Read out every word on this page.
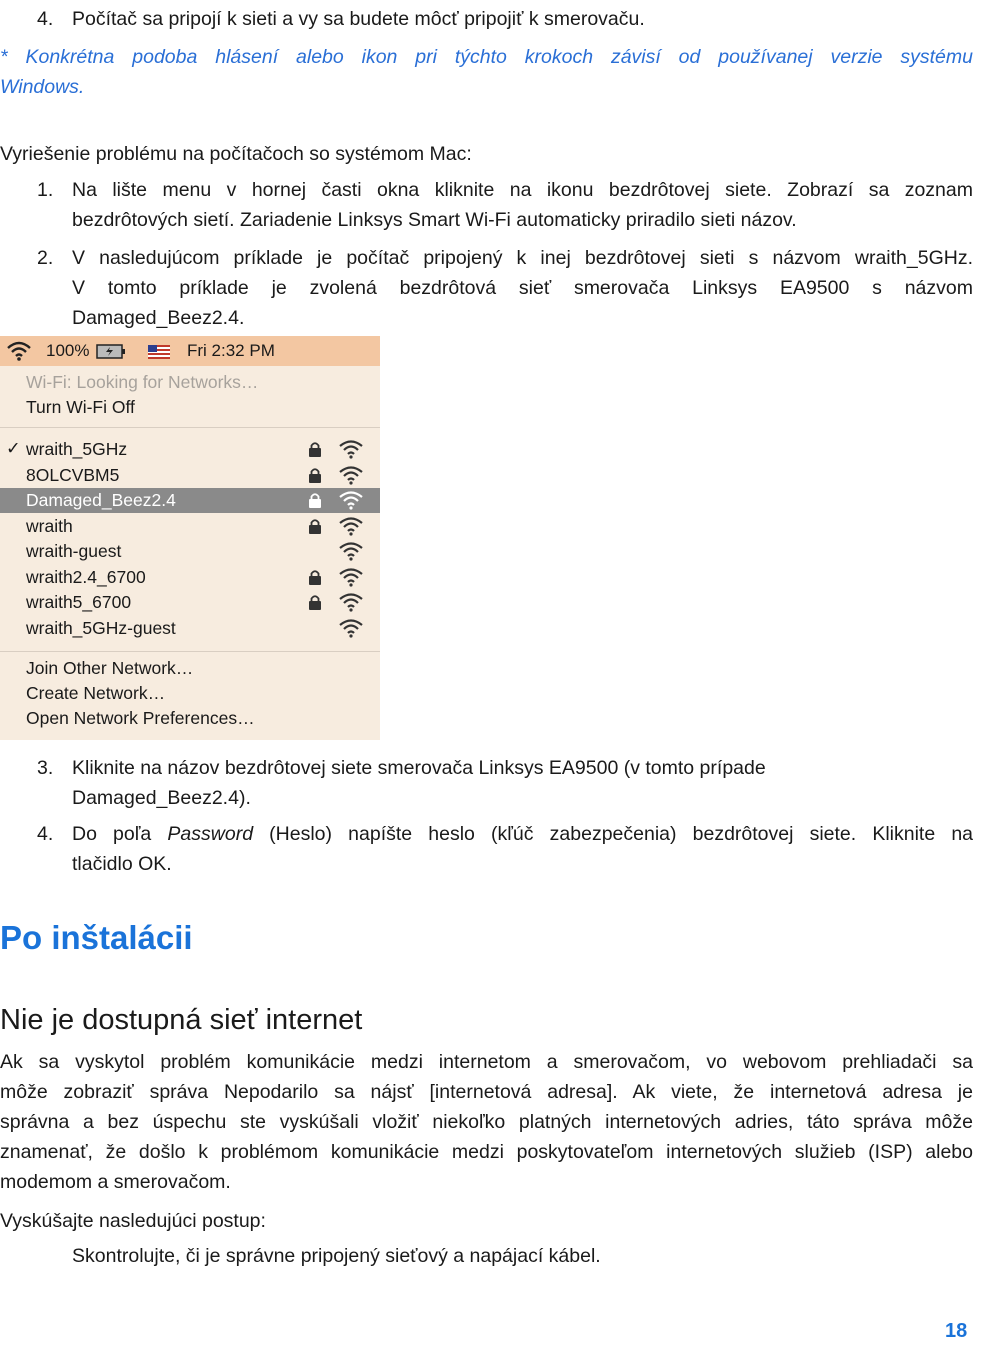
4. Počítač sa pripojí k sieti a vy sa budete môcť pripojiť k smerovaču.
* Konkrétna podoba hlásení alebo ikon pri týchto krokoch závisí od používanej verzie systému
Windows.
Vyriešenie problému na počítačoch so systémom Mac:
1. Na lište menu v hornej časti okna kliknite na ikonu bezdrôtovej siete. Zobrazí sa zoznam
bezdrôtových sietí. Zariadenie Linksys Smart Wi-Fi automaticky priradilo sieti názov.
2. V nasledujúcom príklade je počítač pripojený k inej bezdrôtovej sieti s názvom wraith_5GHz.
V tomto príklade je zvolená bezdrôtová sieť smerovača Linksys EA9500 s názvom
Damaged_Beez2.4.
100%	Fri 2:32 PM
Wi-Fi: Looking for Networks…
Turn Wi-Fi Off
✓ wraith_5GHz
8OLCVBM5
Damaged_Beez2.4
wraith
wraith-guest
wraith2.4_6700
wraith5_6700
wraith_5GHz-guest
Join Other Network…
Create Network…
Open Network Preferences…
3. Kliknite na názov bezdrôtovej siete smerovača Linksys EA9500 (v tomto prípade
Damaged_Beez2.4).
4. Do poľa Password (Heslo) napíšte heslo (kľúč zabezpečenia) bezdrôtovej siete. Kliknite na
tlačidlo OK.
Po inštalácii
Nie je dostupná sieť internet
Ak sa vyskytol problém komunikácie medzi internetom a smerovačom, vo webovom prehliadači sa
môže zobraziť správa Nepodarilo sa nájsť [internetová adresa]. Ak viete, že internetová adresa je
správna a bez úspechu ste vyskúšali vložiť niekoľko platných internetových adries, táto správa môže
znamenať, že došlo k problémom komunikácie medzi poskytovateľom internetových služieb (ISP) alebo
modemom a smerovačom.
Vyskúšajte nasledujúci postup:
Skontrolujte, či je správne pripojený sieťový a napájací kábel.
18
